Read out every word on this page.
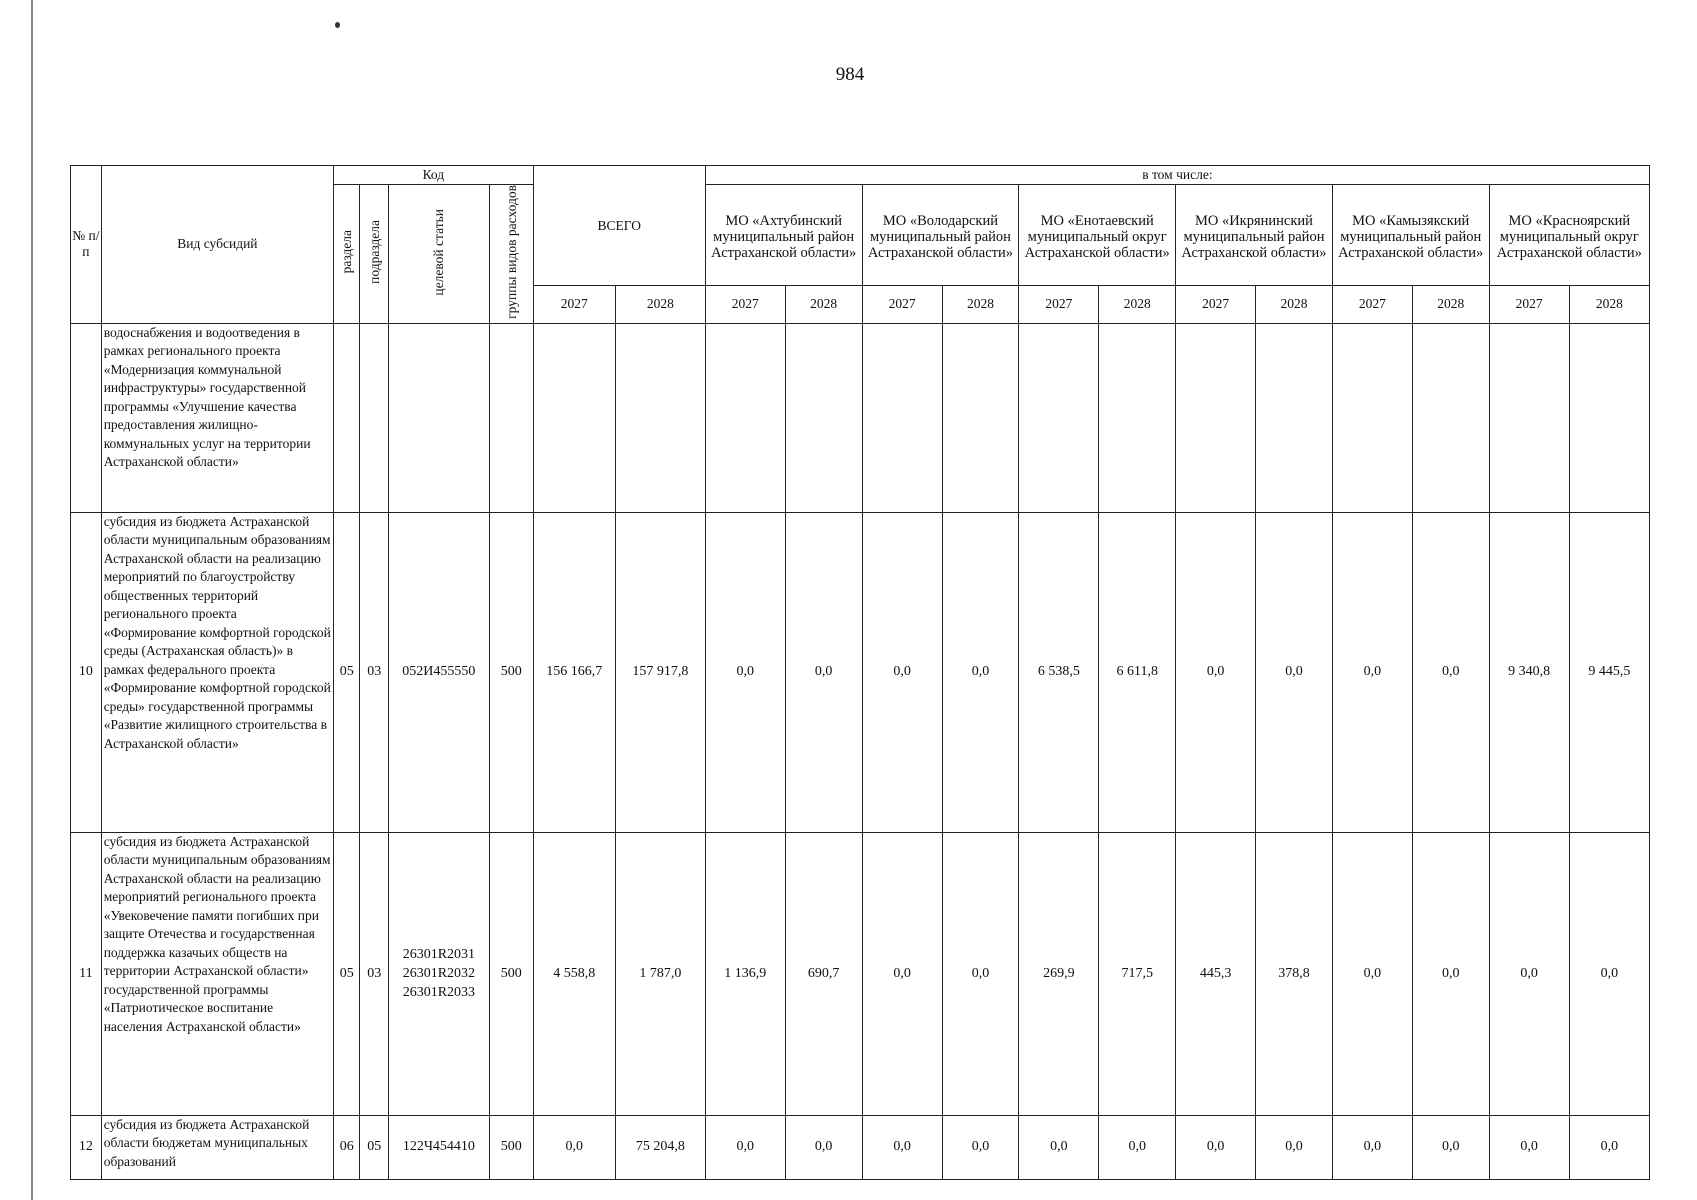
984
№ п/п	Вид субсидий	Код				ВСЕГО		в том числе:											
		раздела	подраздела	целевой статьи	группы видов расходов			МО «Ахтубинский муниципальный район Астраханской области»		МО «Володарский муниципальный район Астраханской области»		МО «Енотаевский муниципальный округ Астраханской области»		МО «Икрянинский муниципальный район Астраханской области»		МО «Камызякский муниципальный район Астраханской области»		МО «Красноярский муниципальный округ Астраханской области»	
						2027	2028	2027	2028	2027	2028	2027	2028	2027	2028	2027	2028	2027	2028
	водоснабжения и водоотведения в рамках регионального проекта «Модернизация коммунальной инфраструктуры» государственной программы «Улучшение качества предоставления жилищно-коммунальных услуг на территории Астраханской области»																		
10	субсидия из бюджета Астраханской области муниципальным образованиям Астраханской области на реализацию мероприятий по благоустройству общественных территорий регионального проекта «Формирование комфортной городской среды (Астраханская область)» в рамках федерального проекта «Формирование комфортной городской среды» государственной программы «Развитие жилищного строительства в Астраханской области»	05	03	052И455550	500	156 166,7	157 917,8	0,0	0,0	0,0	0,0	6 538,5	6 611,8	0,0	0,0	0,0	0,0	9 340,8	9 445,5
11	субсидия из бюджета Астраханской области муниципальным образованиям Астраханской области на реализацию мероприятий регионального проекта «Увековечение памяти погибших при защите Отечества и государственная поддержка казачьих обществ на территории Астраханской области» государственной программы «Патриотическое воспитание населения Астраханской области»	05	03	26301R2031 26301R2032 26301R2033	500	4 558,8	1 787,0	1 136,9	690,7	0,0	0,0	269,9	717,5	445,3	378,8	0,0	0,0	0,0	0,0
12	субсидия из бюджета Астраханской области бюджетам муниципальных образований	06	05	122Ч454410	500	0,0	75 204,8	0,0	0,0	0,0	0,0	0,0	0,0	0,0	0,0	0,0	0,0	0,0	0,0
